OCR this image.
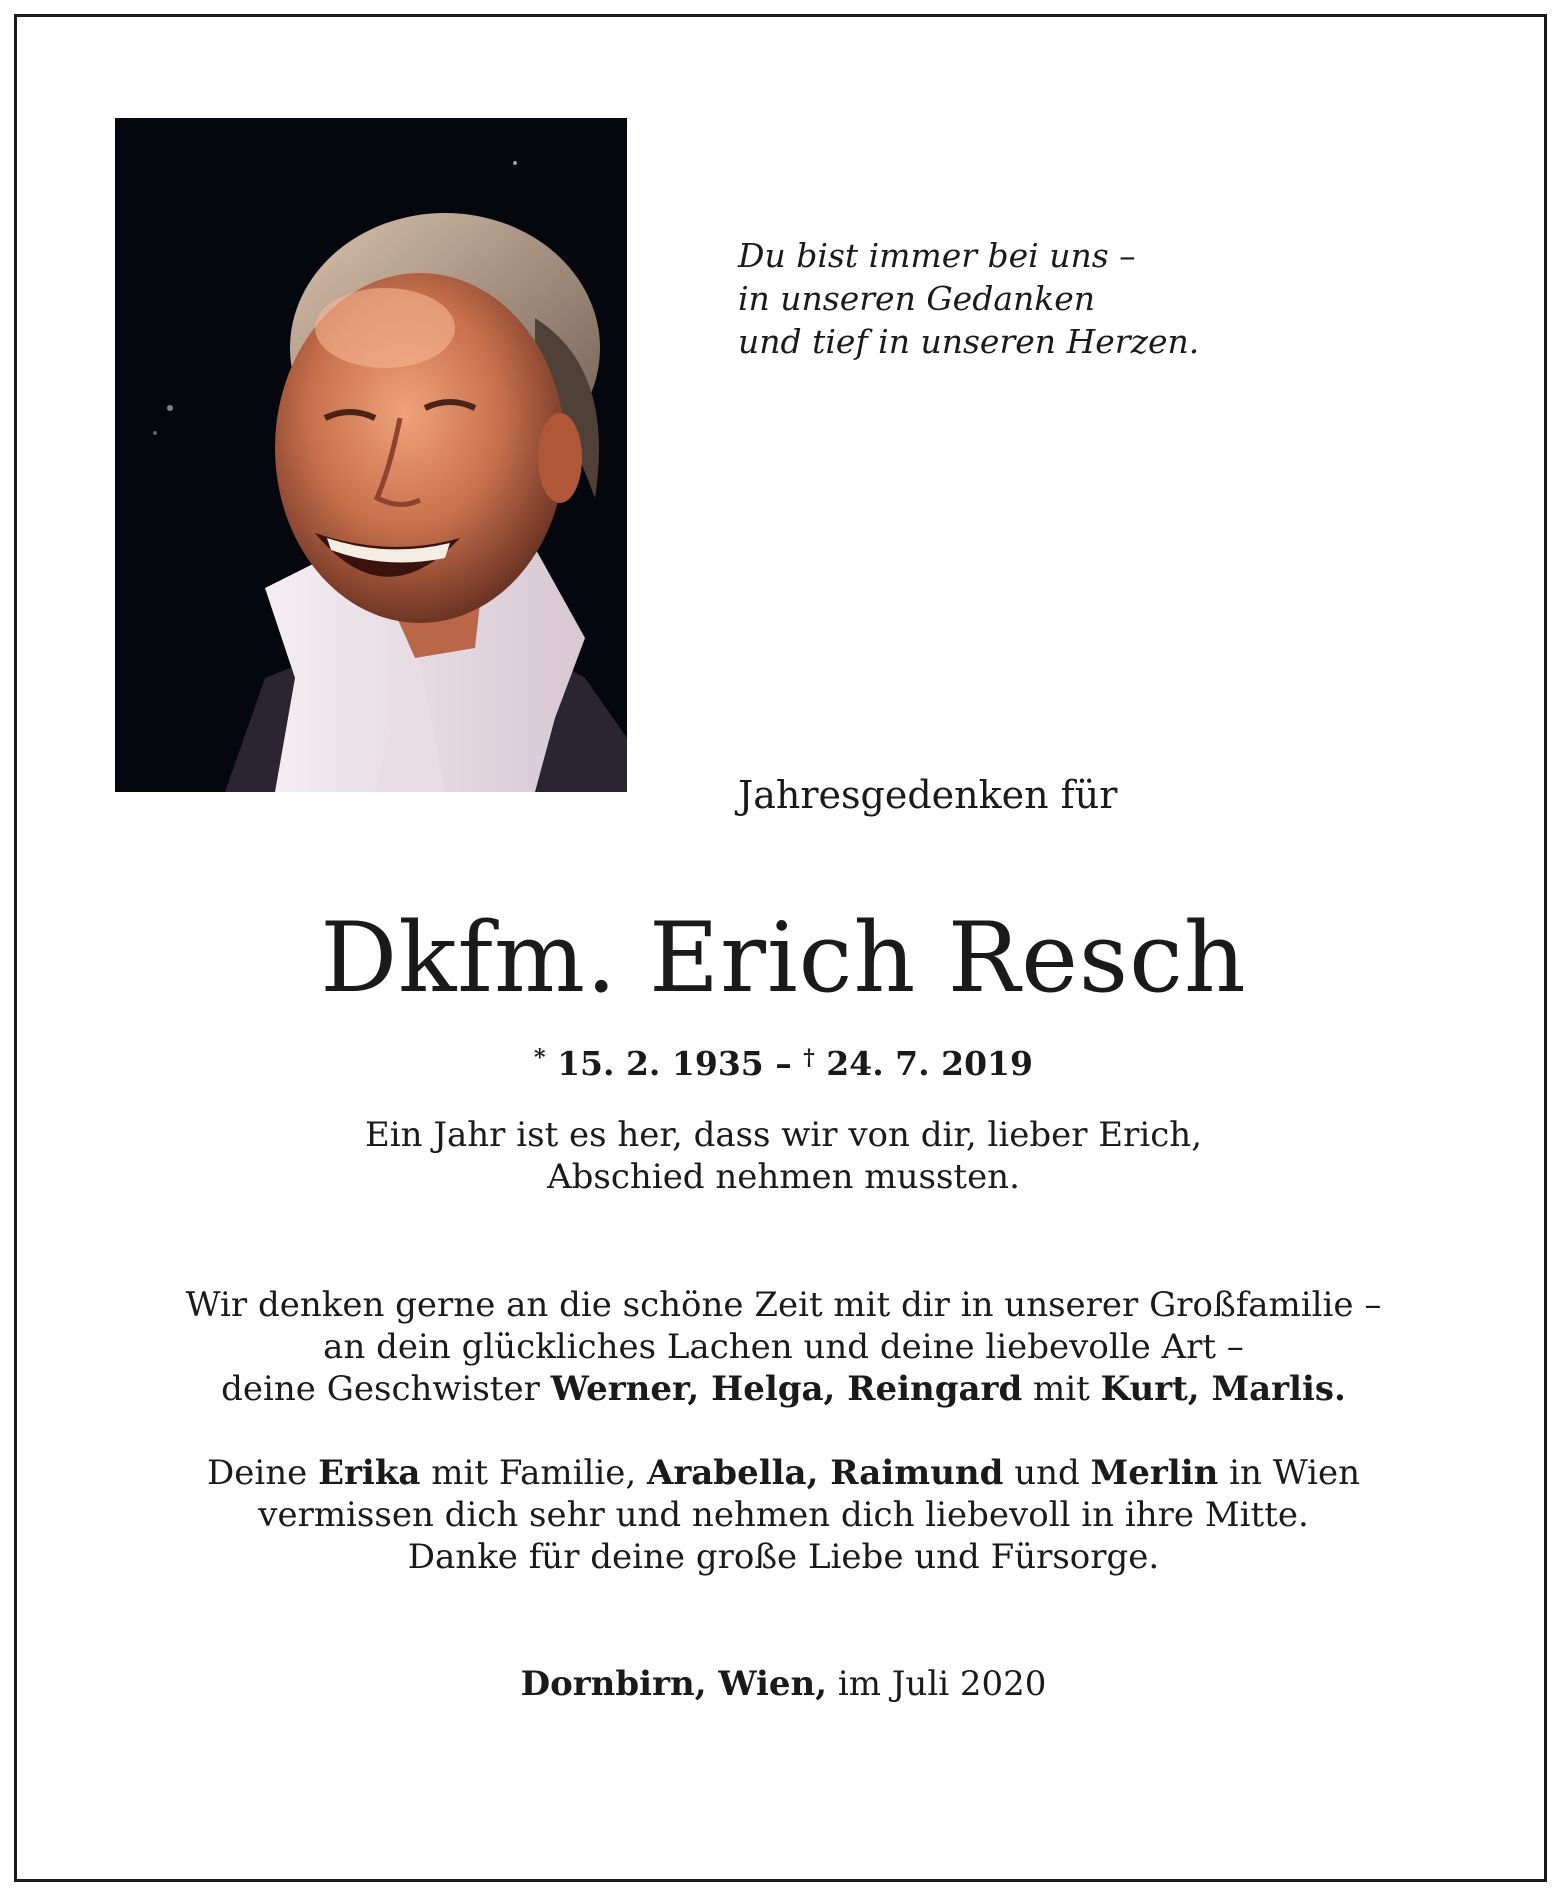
Du bist immer bei uns –
in unseren Gedanken
und tief in unseren Herzen.
Jahresgedenken für
Dkfm. Erich Resch
* 15. 2. 1935 – † 24. 7. 2019
Ein Jahr ist es her, dass wir von dir, lieber Erich,
Abschied nehmen mussten.
Wir denken gerne an die schöne Zeit mit dir in unserer Großfamilie –
an dein glückliches Lachen und deine liebevolle Art –
deine Geschwister Werner, Helga, Reingard mit Kurt, Marlis.
Deine Erika mit Familie, Arabella, Raimund und Merlin in Wien
vermissen dich sehr und nehmen dich liebevoll in ihre Mitte.
Danke für deine große Liebe und Fürsorge.
Dornbirn, Wien, im Juli 2020
